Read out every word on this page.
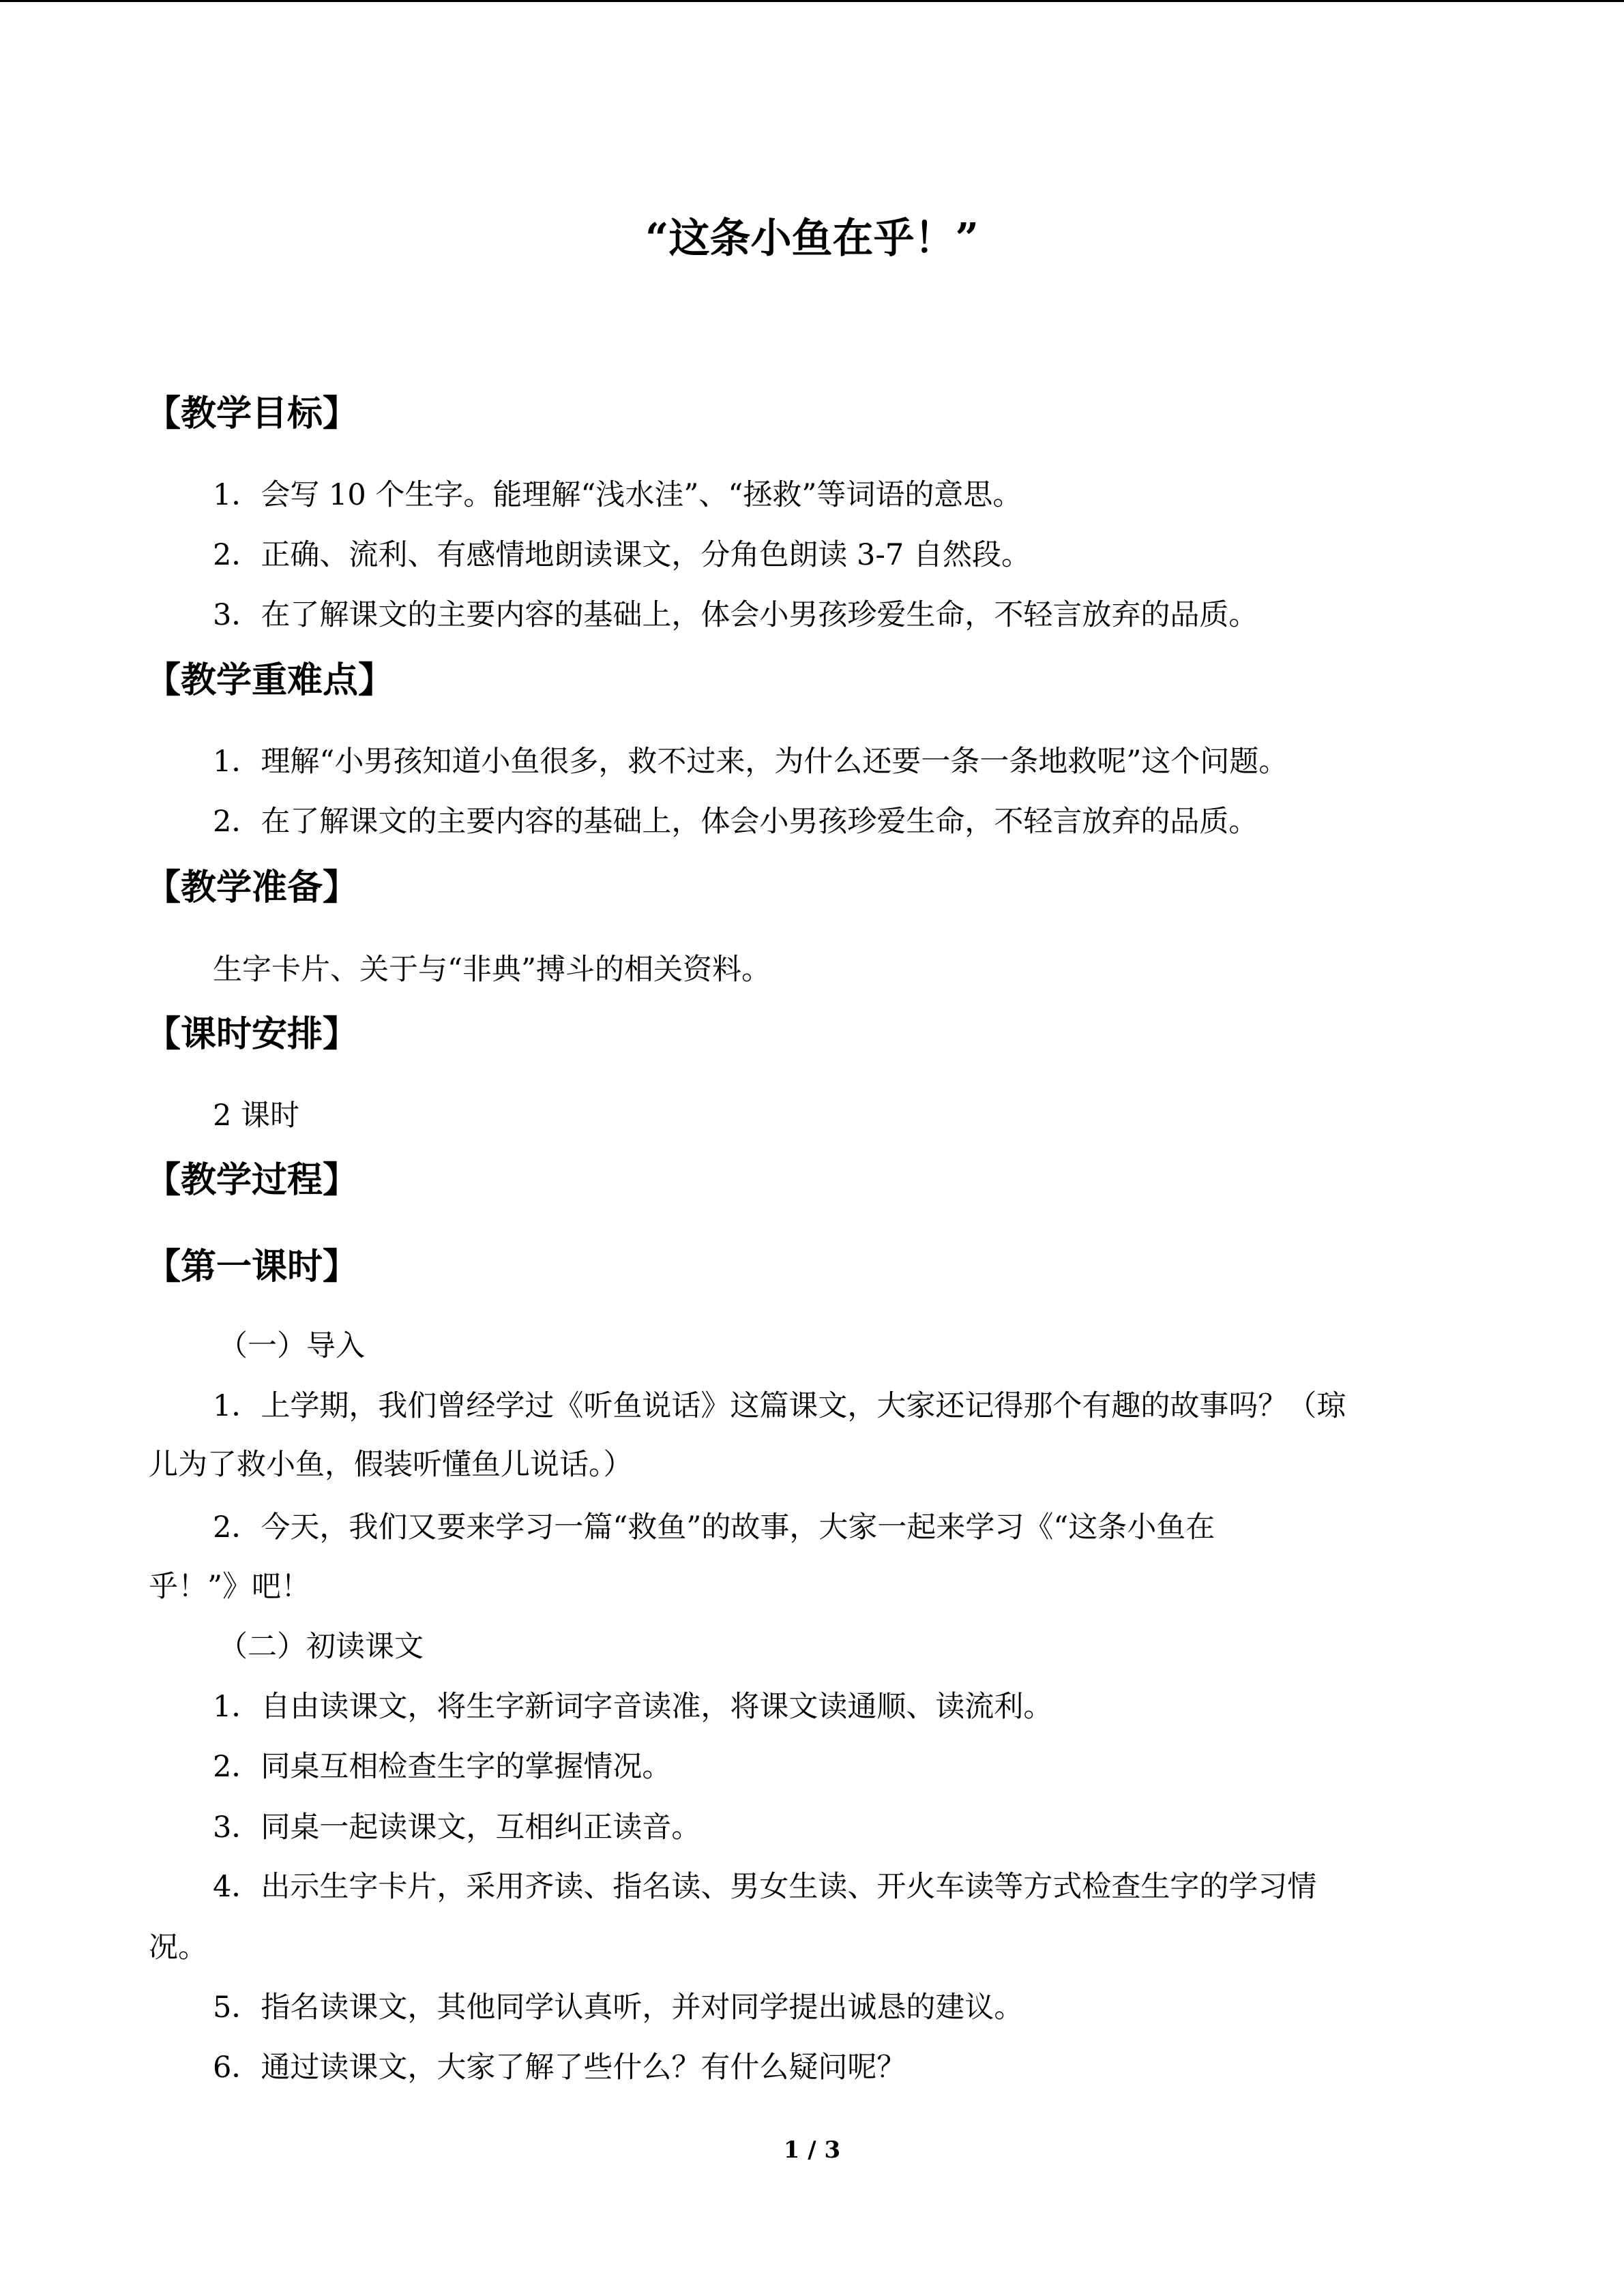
“这条小鱼在乎！”
【教学目标】
1．会写 10 个生字。能理解“浅水洼”、“拯救”等词语的意思。
2．正确、流利、有感情地朗读课文，分角色朗读 3-7 自然段。
3．在了解课文的主要内容的基础上，体会小男孩珍爱生命，不轻言放弃的品质。
【教学重难点】
1．理解“小男孩知道小鱼很多，救不过来，为什么还要一条一条地救呢”这个问题。
2．在了解课文的主要内容的基础上，体会小男孩珍爱生命，不轻言放弃的品质。
【教学准备】
生字卡片、关于与“非典”搏斗的相关资料。
【课时安排】
2 课时
【教学过程】
【第一课时】
（一）导入
1．上学期，我们曾经学过《听鱼说话》这篇课文，大家还记得那个有趣的故事吗？（琼
儿为了救小鱼，假装听懂鱼儿说话。）
2．今天，我们又要来学习一篇“救鱼”的故事，大家一起来学习《“这条小鱼在
乎！”》吧！
（二）初读课文
1．自由读课文，将生字新词字音读准，将课文读通顺、读流利。
2．同桌互相检查生字的掌握情况。
3．同桌一起读课文，互相纠正读音。
4．出示生字卡片，采用齐读、指名读、男女生读、开火车读等方式检查生字的学习情
况。
5．指名读课文，其他同学认真听，并对同学提出诚恳的建议。
6．通过读课文，大家了解了些什么？有什么疑问呢？
1 / 3
